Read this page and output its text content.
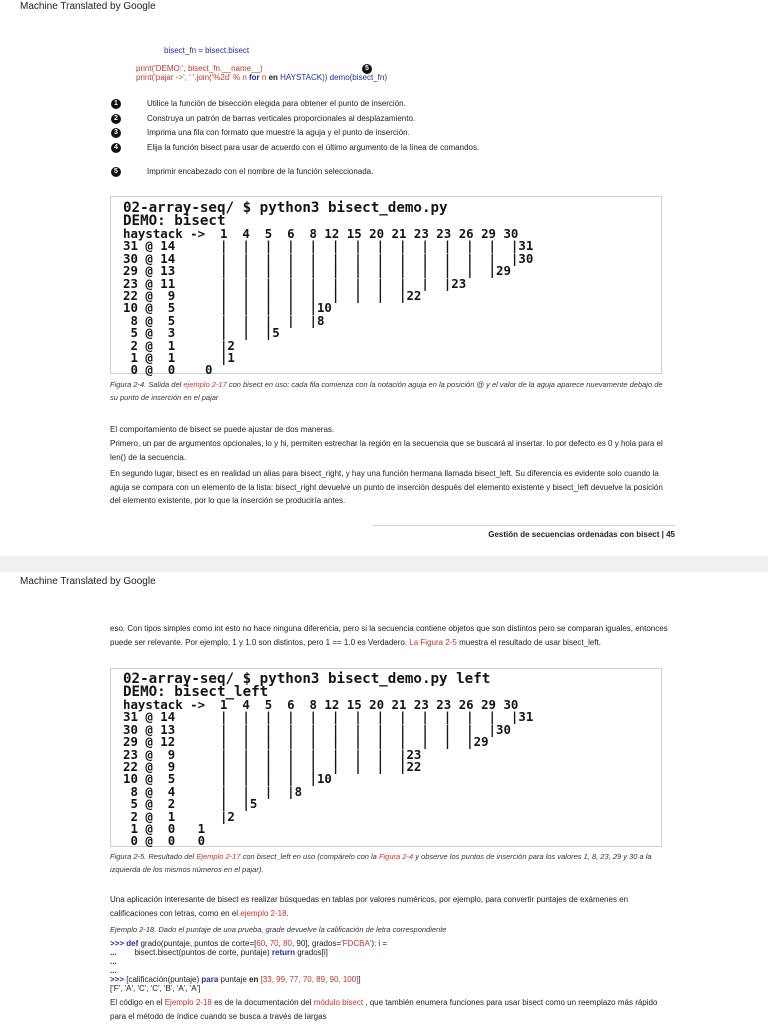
Machine Translated by Google
bisect_fn = bisect.bisect
print('DEMO:', bisect_fn.__name__)	5
print('pajar ->', ' '.join('%2d' % n for n en HAYSTACK)) demo(bisect_fn)
1	Utilice la función de bisección elegida para obtener el punto de inserción.
2	Construya un patrón de barras verticales proporcionales al desplazamiento.
3	Imprima una fila con formato que muestre la aguja y el punto de inserción.
4	Elija la función bisect para usar de acuerdo con el último argumento de la línea de comandos.
5	Imprimir encabezado con el nombre de la función seleccionada.
02-array-seq/ $ python3 bisect_demo.py
DEMO: bisect
haystack ->  1  4  5  6  8 12 15 20 21 23 23 26 29 30
31 @ 14      |  |  |  |  |  |  |  |  |  |  |  |  |  |31
30 @ 14      |  |  |  |  |  |  |  |  |  |  |  |  |  |30
29 @ 13      |  |  |  |  |  |  |  |  |  |  |  |  |29
23 @ 11      |  |  |  |  |  |  |  |  |  |  |23
22 @  9      |  |  |  |  |  |  |  |  |22
10 @  5      |  |  |  |  |10
8 @  5      |  |  |  |  |8
5 @  3      |  |  |5
2 @  1      |2
1 @  1      |1
0 @  0    0
Figura 2-4. Salida del ejemplo 2-17 con bisect en uso: cada fila comienza con la notación aguja en la posición @ y el valor de la aguja aparece nuevamente debajo de su punto de inserción en el pajar
El comportamiento de bisect se puede ajustar de dos maneras.
Primero, un par de argumentos opcionales, lo y hi, permiten estrechar la región en la secuencia que se buscará al insertar. lo por defecto es 0 y hola para el len() de la secuencia.
En segundo lugar, bisect es en realidad un alias para bisect_right, y hay una función hermana llamada bisect_left. Su diferencia es evidente solo cuando la aguja se compara con un elemento de la lista: bisect_right devuelve un punto de inserción después del elemento existente y bisect_left devuelve la posición del elemento existente, por lo que la inserción se produciría antes.
Gestión de secuencias ordenadas con bisect | 45
Machine Translated by Google
eso. Con tipos simples como int esto no hace ninguna diferencia, pero si la secuencia contiene objetos que son distintos pero se comparan iguales, entonces puede ser relevante. Por ejemplo, 1 y 1.0 son distintos, pero 1 == 1.0 es Verdadero. La Figura 2-5 muestra el resultado de usar bisect_left.
02-array-seq/ $ python3 bisect_demo.py left
DEMO: bisect_left
haystack ->  1  4  5  6  8 12 15 20 21 23 23 26 29 30
31 @ 14      |  |  |  |  |  |  |  |  |  |  |  |  |  |31
30 @ 13      |  |  |  |  |  |  |  |  |  |  |  |  |30
29 @ 12      |  |  |  |  |  |  |  |  |  |  |  |29
23 @  9      |  |  |  |  |  |  |  |  |23
22 @  9      |  |  |  |  |  |  |  |  |22
10 @  5      |  |  |  |  |10
8 @  4      |  |  |  |8
5 @  2      |  |5
2 @  1      |2
1 @  0   1
0 @  0   0
Figura 2-5. Resultado del Ejemplo 2-17 con bisect_left en uso (compárelo con la Figura 2-4 y observe los puntos de inserción para los valores 1, 8, 23, 29 y 30 a la izquierda de los mismos números en el pajar).
Una aplicación interesante de bisect es realizar búsquedas en tablas por valores numéricos, por ejemplo, para convertir puntajes de exámenes en calificaciones con letras, como en el ejemplo 2-18.
Ejemplo 2-18. Dado el puntaje de una prueba, grade devuelve la calificación de letra correspondiente
>>> def grado(puntaje, puntos de corte=[60, 70, 80, 90], grados='FDCBA'): i =
...        bisect.bisect(puntos de corte, puntaje) return grados[i]
...
...
>>> [calificación(puntaje) para puntaje en [33, 99, 77, 70, 89, 90, 100]]
['F', 'A', 'C', 'C', 'B', 'A', 'A']
El código en el Ejemplo 2-18 es de la documentación del módulo bisect , que también enumera funciones para usar bisect como un reemplazo más rápido para el método de índice cuando se busca a través de largas
